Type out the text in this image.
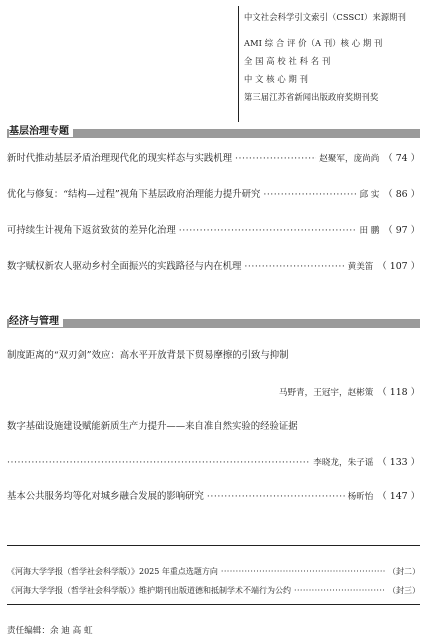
中文社会科学引文索引（CSSCI）来源期刊
AMI 综 合 评 价（A 刊）核 心 期 刊
全 国 高 校 社 科 名 刊
中 文 核 心 期 刊
第三届江苏省新闻出版政府奖期刊奖
基层治理专题
新时代推动基层矛盾治理现代化的现实样态与实践机理 ·····	赵聚军，庞尚尚 （ 74 ）
优化与修复：“结构—过程”视角下基层政府治理能力提升研究 ·····	邱 实 （ 86 ）
可持续生计视角下返贫致贫的差异化治理 ·····	田 鹏 （ 97 ）
数字赋权新农人驱动乡村全面振兴的实践路径与内在机理 ·····	黄美笛 （ 107 ）
经济与管理
制度距离的“双刃剑”效应：高水平开放背景下贸易摩擦的引致与抑制
马野青，王冠宇，赵彬策 （ 118 ）
数字基础设施建设赋能新质生产力提升——来自准自然实验的经验证据
·····
李晓龙，朱子谣 （ 133 ）
基本公共服务均等化对城乡融合发展的影响研究 ·····	杨昕怡 （ 147 ）
《河海大学学报（哲学社会科学版）》2025 年重点选题方向 ·····	（封二）
《河海大学学报（哲学社会科学版）》维护期刊出版道德和抵制学术不端行为公约 ·····	（封三）
责任编辑：余 迪 高 虹
